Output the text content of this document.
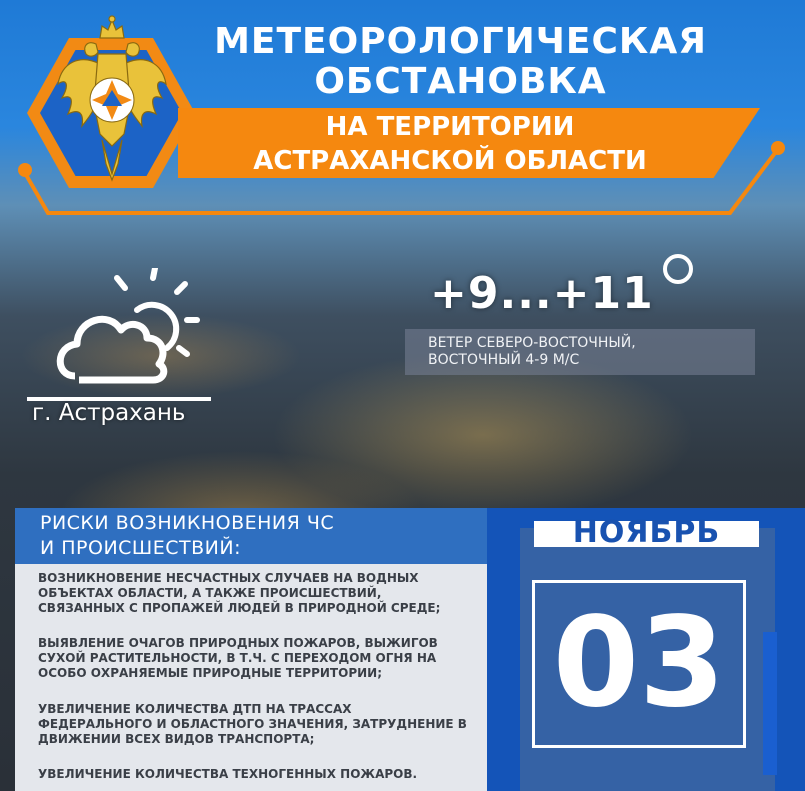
МЕТЕОРОЛОГИЧЕСКАЯ
ОБСТАНОВКА
НА ТЕРРИТОРИИ
АСТРАХАНСКОЙ ОБЛАСТИ
г. Астрахань
+9...+11
ВЕТЕР СЕВЕРО-ВОСТОЧНЫЙ,
ВОСТОЧНЫЙ 4-9 М/С
РИСКИ ВОЗНИКНОВЕНИЯ ЧС
И ПРОИСШЕСТВИЙ:
ВОЗНИКНОВЕНИЕ НЕСЧАСТНЫХ СЛУЧАЕВ НА ВОДНЫХ
ОБЪЕКТАХ ОБЛАСТИ, А ТАКЖЕ ПРОИСШЕСТВИЙ,
СВЯЗАННЫХ С ПРОПАЖЕЙ ЛЮДЕЙ В ПРИРОДНОЙ СРЕДЕ;
ВЫЯВЛЕНИЕ ОЧАГОВ ПРИРОДНЫХ ПОЖАРОВ, ВЫЖИГОВ
СУХОЙ РАСТИТЕЛЬНОСТИ, В Т.Ч. С ПЕРЕХОДОМ ОГНЯ НА
ОСОБО ОХРАНЯЕМЫЕ ПРИРОДНЫЕ ТЕРРИТОРИИ;
УВЕЛИЧЕНИЕ КОЛИЧЕСТВА ДТП НА ТРАССАХ
ФЕДЕРАЛЬНОГО И ОБЛАСТНОГО ЗНАЧЕНИЯ, ЗАТРУДНЕНИЕ В
ДВИЖЕНИИ ВСЕХ ВИДОВ ТРАНСПОРТА;
УВЕЛИЧЕНИЕ КОЛИЧЕСТВА ТЕХНОГЕННЫХ ПОЖАРОВ.
НОЯБРЬ
03
